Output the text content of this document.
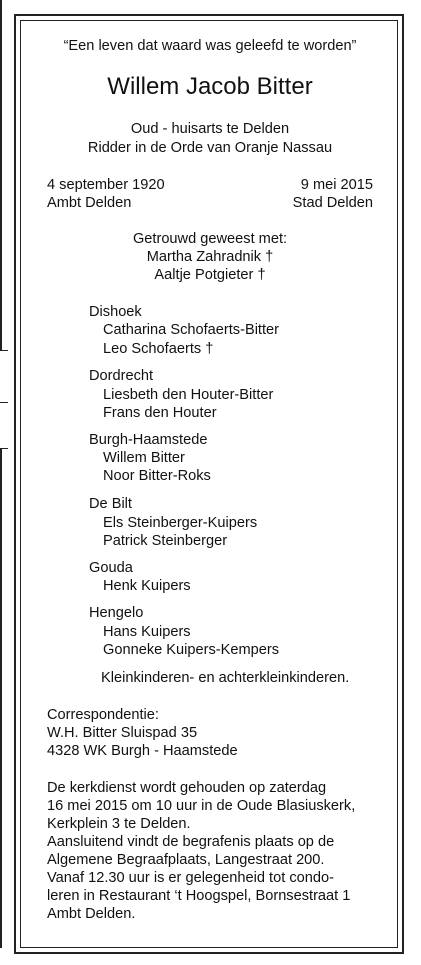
“Een leven dat waard was geleefd te worden”
Willem Jacob Bitter
Oud - huisarts te Delden
Ridder in de Orde van Oranje Nassau
4 september 1920
Ambt Delden
9 mei 2015
Stad Delden
Getrouwd geweest met:
Martha Zahradnik †
Aaltje Potgieter †
Dishoek
Catharina Schofaerts-Bitter
Leo Schofaerts †
Dordrecht
Liesbeth den Houter-Bitter
Frans den Houter
Burgh-Haamstede
Willem Bitter
Noor Bitter-Roks
De Bilt
Els Steinberger-Kuipers
Patrick Steinberger
Gouda
Henk Kuipers
Hengelo
Hans Kuipers
Gonneke Kuipers-Kempers
Kleinkinderen- en achterkleinkinderen.
Correspondentie:
W.H. Bitter Sluispad 35
4328 WK Burgh - Haamstede
De kerkdienst wordt gehouden op zaterdag
16 mei 2015 om 10 uur in de Oude Blasiuskerk,
Kerkplein 3 te Delden.
Aansluitend vindt de begrafenis plaats op de
Algemene Begraafplaats, Langestraat 200.
Vanaf 12.30 uur is er gelegenheid tot condo-
leren in Restaurant ‘t Hoogspel, Bornsestraat 1
Ambt Delden.
